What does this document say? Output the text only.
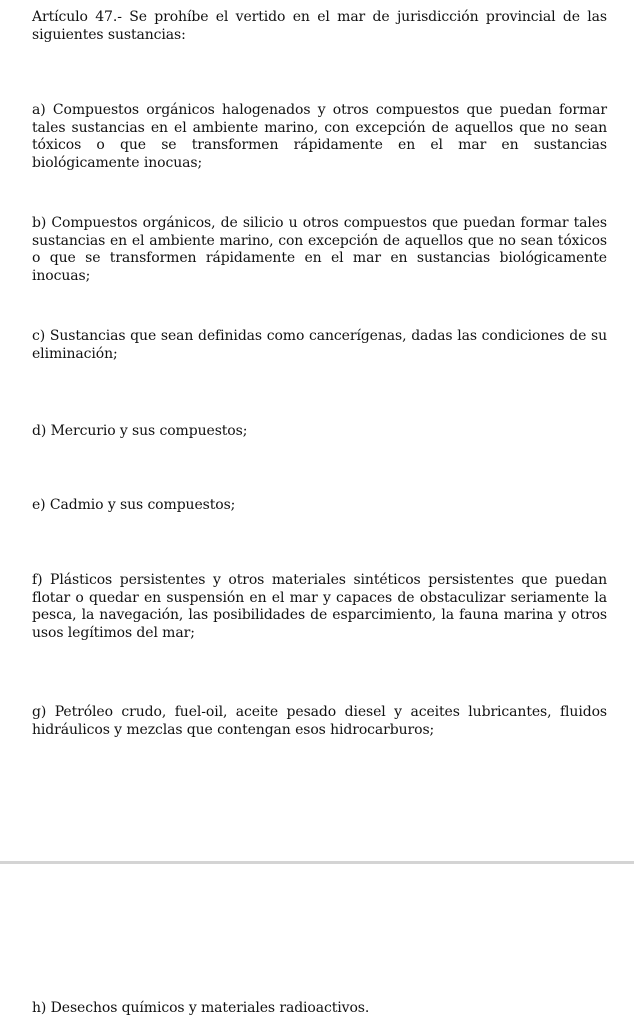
Artículo 47.- Se prohíbe el vertido en el mar de jurisdicción provincial de las siguientes sustancias:

a) Compuestos orgánicos halogenados y otros compuestos que puedan formar tales sustancias en el ambiente marino, con excepción de aquellos que no sean tóxicos o que se transformen rápidamente en el mar en sustancias biológicamente inocuas;

b) Compuestos orgánicos, de silicio u otros compuestos que puedan formar tales sustancias en el ambiente marino, con excepción de aquellos que no sean tóxicos o que se transformen rápidamente en el mar en sustancias biológicamente inocuas;

c) Sustancias que sean definidas como cancerígenas, dadas las condiciones de su eliminación;

d) Mercurio y sus compuestos;

e) Cadmio y sus compuestos;

f) Plásticos persistentes y otros materiales sintéticos persistentes que puedan flotar o quedar en suspensión en el mar y capaces de obstaculizar seriamente la pesca, la navegación, las posibilidades de esparcimiento, la fauna marina y otros usos legítimos del mar;

g) Petróleo crudo, fuel-oil, aceite pesado diesel y aceites lubricantes, fluidos hidráulicos y mezclas que contengan esos hidrocarburos;

h) Desechos químicos y materiales radioactivos.
